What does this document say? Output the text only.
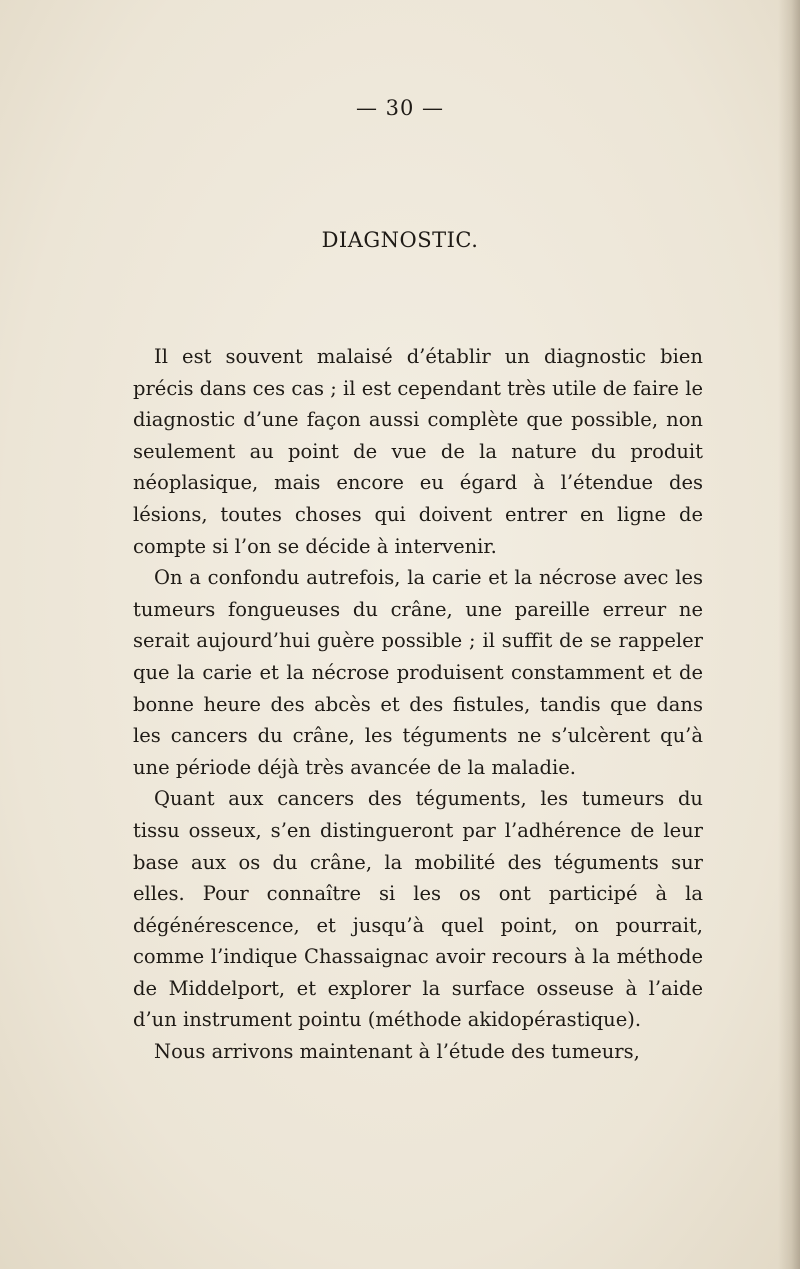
— 30 —
DIAGNOSTIC.

Il est souvent malaisé d’établir un diagnostic bien précis dans ces cas ; il est cependant très utile de faire le diagnostic d’une façon aussi complète que possible, non seulement au point de vue de la nature du produit néoplasique, mais encore eu égard à l’étendue des lésions, toutes choses qui doivent entrer en ligne de compte si l’on se décide à intervenir.

On a confondu autrefois, la carie et la nécrose avec les tumeurs fongueuses du crâne, une pareille erreur ne serait aujourd’hui guère possible ; il suffit de se rappeler que la carie et la nécrose produisent constamment et de bonne heure des abcès et des fistules, tandis que dans les cancers du crâne, les téguments ne s’ulcèrent qu’à une période déjà très avancée de la maladie.

Quant aux cancers des téguments, les tumeurs du tissu osseux, s’en distingueront par l’adhérence de leur base aux os du crâne, la mobilité des téguments sur elles. Pour connaître si les os ont participé à la dégénérescence, et jusqu’à quel point, on pourrait, comme l’indique Chassaignac avoir recours à la méthode de Middelport, et explorer la surface osseuse à l’aide d’un instrument pointu (méthode akidopérastique).

Nous arrivons maintenant à l’étude des tumeurs,
